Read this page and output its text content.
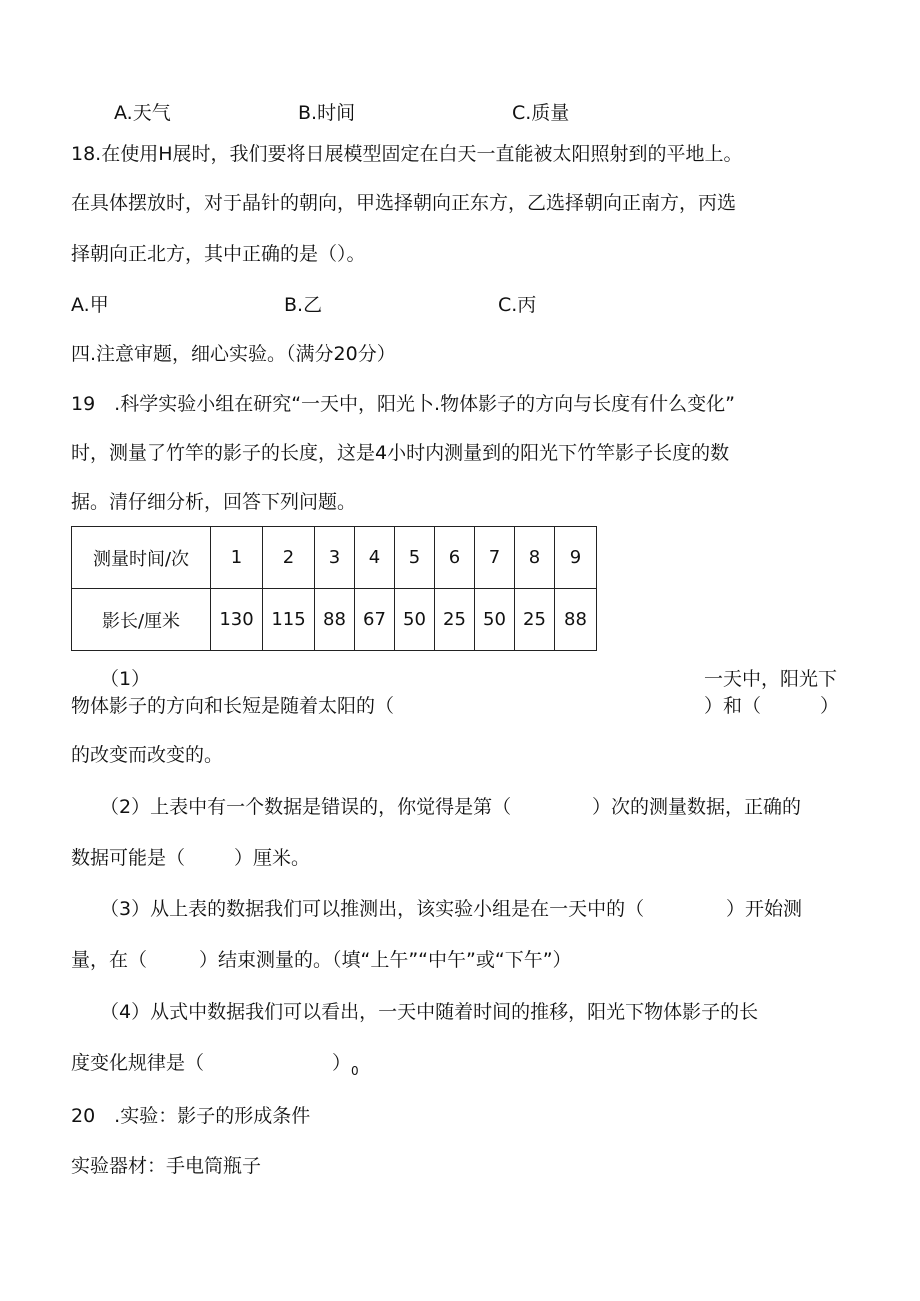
A.天气	B.时间	C.质量
18.在使用H展时，我们要将日展模型固定在白天一直能被太阳照射到的平地上。
在具体摆放时，对于晶针的朝向，甲选择朝向正东方，乙选择朝向正南方，丙选
择朝向正北方，其中正确的是（）。
A.甲	B.乙	C.丙
四.注意审题，细心实验。（满分20分）
19　.科学实验小组在研究“一天中，阳光卜.物体影子的方向与长度有什么变化”
时，测量了竹竿的影子的长度，这是4小时内测量到的阳光下竹竿影子长度的数
据。清仔细分析，回答下列问题。
测量时间/次	1	2	3	4	5	6	7	8	9
影长/厘米	130	115	88	67	50	25	50	25	88
（1）	一天中，阳光下
物体影子的方向和长短是随着太阳的（	）和（	）
的改变而改变的。
（2）上表中有一个数据是错误的，你觉得是第（	）次的测量数据，正确的
数据可能是（	）厘米。
（3）从上表的数据我们可以推测出，该实验小组是在一天中的（	）开始测
量，在（	）结束测量的。（填“上午”“中午”或“下午”）
（4）从式中数据我们可以看出，一天中随着时间的推移，阳光下物体影子的长
度变化规律是（	）$_0$
20　.实验：影子的形成条件
实验器材：手电筒瓶子
